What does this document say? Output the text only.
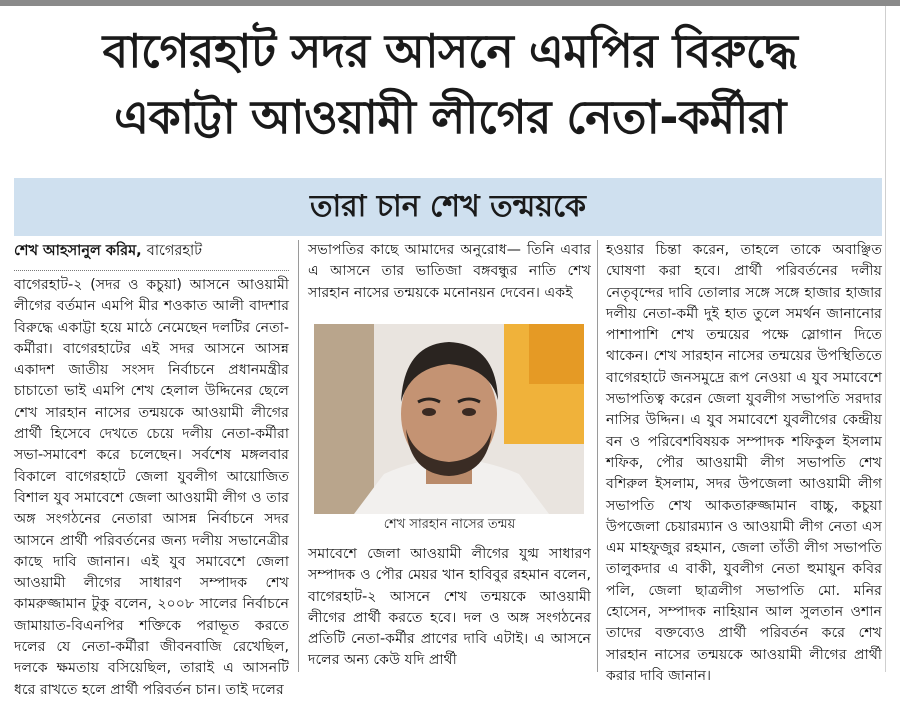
বাগেরহাট সদর আসনে এমপির বিরুদ্ধে
একাট্টা আওয়ামী লীগের নেতা-কর্মীরা
তারা চান শেখ তন্ময়কে
শেখ আহসানুল করিম, বাগেরহাট

বাগেরহাট-২ (সদর ও কচুয়া) আসনে আওয়ামী লীগের বর্তমান এমপি মীর শওকাত আলী বাদশার বিরুদ্ধে একাট্টা হয়ে মাঠে নেমেছেন দলটির নেতা-কর্মীরা। বাগেরহাটের এই সদর আসনে আসন্ন একাদশ জাতীয় সংসদ নির্বাচনে প্রধানমন্ত্রীর চাচাতো ভাই এমপি শেখ হেলাল উদ্দিনের ছেলে শেখ সারহান নাসের তন্ময়কে আওয়ামী লীগের প্রার্থী হিসেবে দেখতে চেয়ে দলীয় নেতা-কর্মীরা সভা-সমাবেশ করে চলেছেন। সর্বশেষ মঙ্গলবার বিকালে বাগেরহাটে জেলা যুবলীগ আয়োজিত বিশাল যুব সমাবেশে জেলা আওয়ামী লীগ ও তার অঙ্গ সংগঠনের নেতারা আসন্ন নির্বাচনে সদর আসনে প্রার্থী পরিবর্তনের জন্য দলীয় সভানেত্রীর কাছে দাবি জানান। এই যুব সমাবেশে জেলা আওয়ামী লীগের সাধারণ সম্পাদক শেখ কামরুজ্জামান টুকু বলেন, ২০০৮ সালের নির্বাচনে জামায়াত-বিএনপির শক্তিকে পরাভূত করতে দলের যে নেতা-কর্মীরা জীবনবাজি রেখেছিল, দলকে ক্ষমতায় বসিয়েছিল, তারাই এ আসনটি ধরে রাখতে হলে প্রার্থী পরিবর্তন চান। তাই দলের

সভাপতির কাছে আমাদের অনুরোধ— তিনি এবার এ আসনে তার ভাতিজা বঙ্গবন্ধুর নাতি শেখ সারহান নাসের তন্ময়কে মনোনয়ন দেবেন। একই

শেখ সারহান নাসের তন্ময়

সমাবেশে জেলা আওয়ামী লীগের যুগ্ম সাধারণ সম্পাদক ও পৌর মেয়র খান হাবিবুর রহমান বলেন, বাগেরহাট-২ আসনে শেখ তন্ময়কে আওয়ামী লীগের প্রার্থী করতে হবে। দল ও অঙ্গ সংগঠনের প্রতিটি নেতা-কর্মীর প্রাণের দাবি এটাই। এ আসনে দলের অন্য কেউ যদি প্রার্থী

হওয়ার চিন্তা করেন, তাহলে তাকে অবাঞ্ছিত ঘোষণা করা হবে। প্রার্থী পরিবর্তনের দলীয় নেতৃবৃন্দের দাবি তোলার সঙ্গে সঙ্গে হাজার হাজার দলীয় নেতা-কর্মী দুই হাত তুলে সমর্থন জানানোর পাশাপাশি শেখ তন্ময়ের পক্ষে স্লোগান দিতে থাকেন। শেখ সারহান নাসের তন্ময়ের উপস্থিতিতে বাগেরহাটে জনসমুদ্রে রূপ নেওয়া এ যুব সমাবেশে সভাপতিত্ব করেন জেলা যুবলীগ সভাপতি সরদার নাসির উদ্দিন। এ যুব সমাবেশে যুবলীগের কেন্দ্রীয় বন ও পরিবেশবিষয়ক সম্পাদক শফিকুল ইসলাম শফিক, পৌর আওয়ামী লীগ সভাপতি শেখ বশিরুল ইসলাম, সদর উপজেলা আওয়ামী লীগ সভাপতি শেখ আকতারুজ্জামান বাচ্চু, কচুয়া উপজেলা চেয়ারম্যান ও আওয়ামী লীগ নেতা এস এম মাহফুজুর রহমান, জেলা তাঁতী লীগ সভাপতি তালুকদার এ বাকী, যুবলীগ নেতা হুমায়ুন কবির পলি, জেলা ছাত্রলীগ সভাপতি মো. মনির হোসেন, সম্পাদক নাহিয়ান আল সুলতান ওশান তাদের বক্তব্যেও প্রার্থী পরিবর্তন করে শেখ সারহান নাসের তন্ময়কে আওয়ামী লীগের প্রার্থী করার দাবি জানান।
